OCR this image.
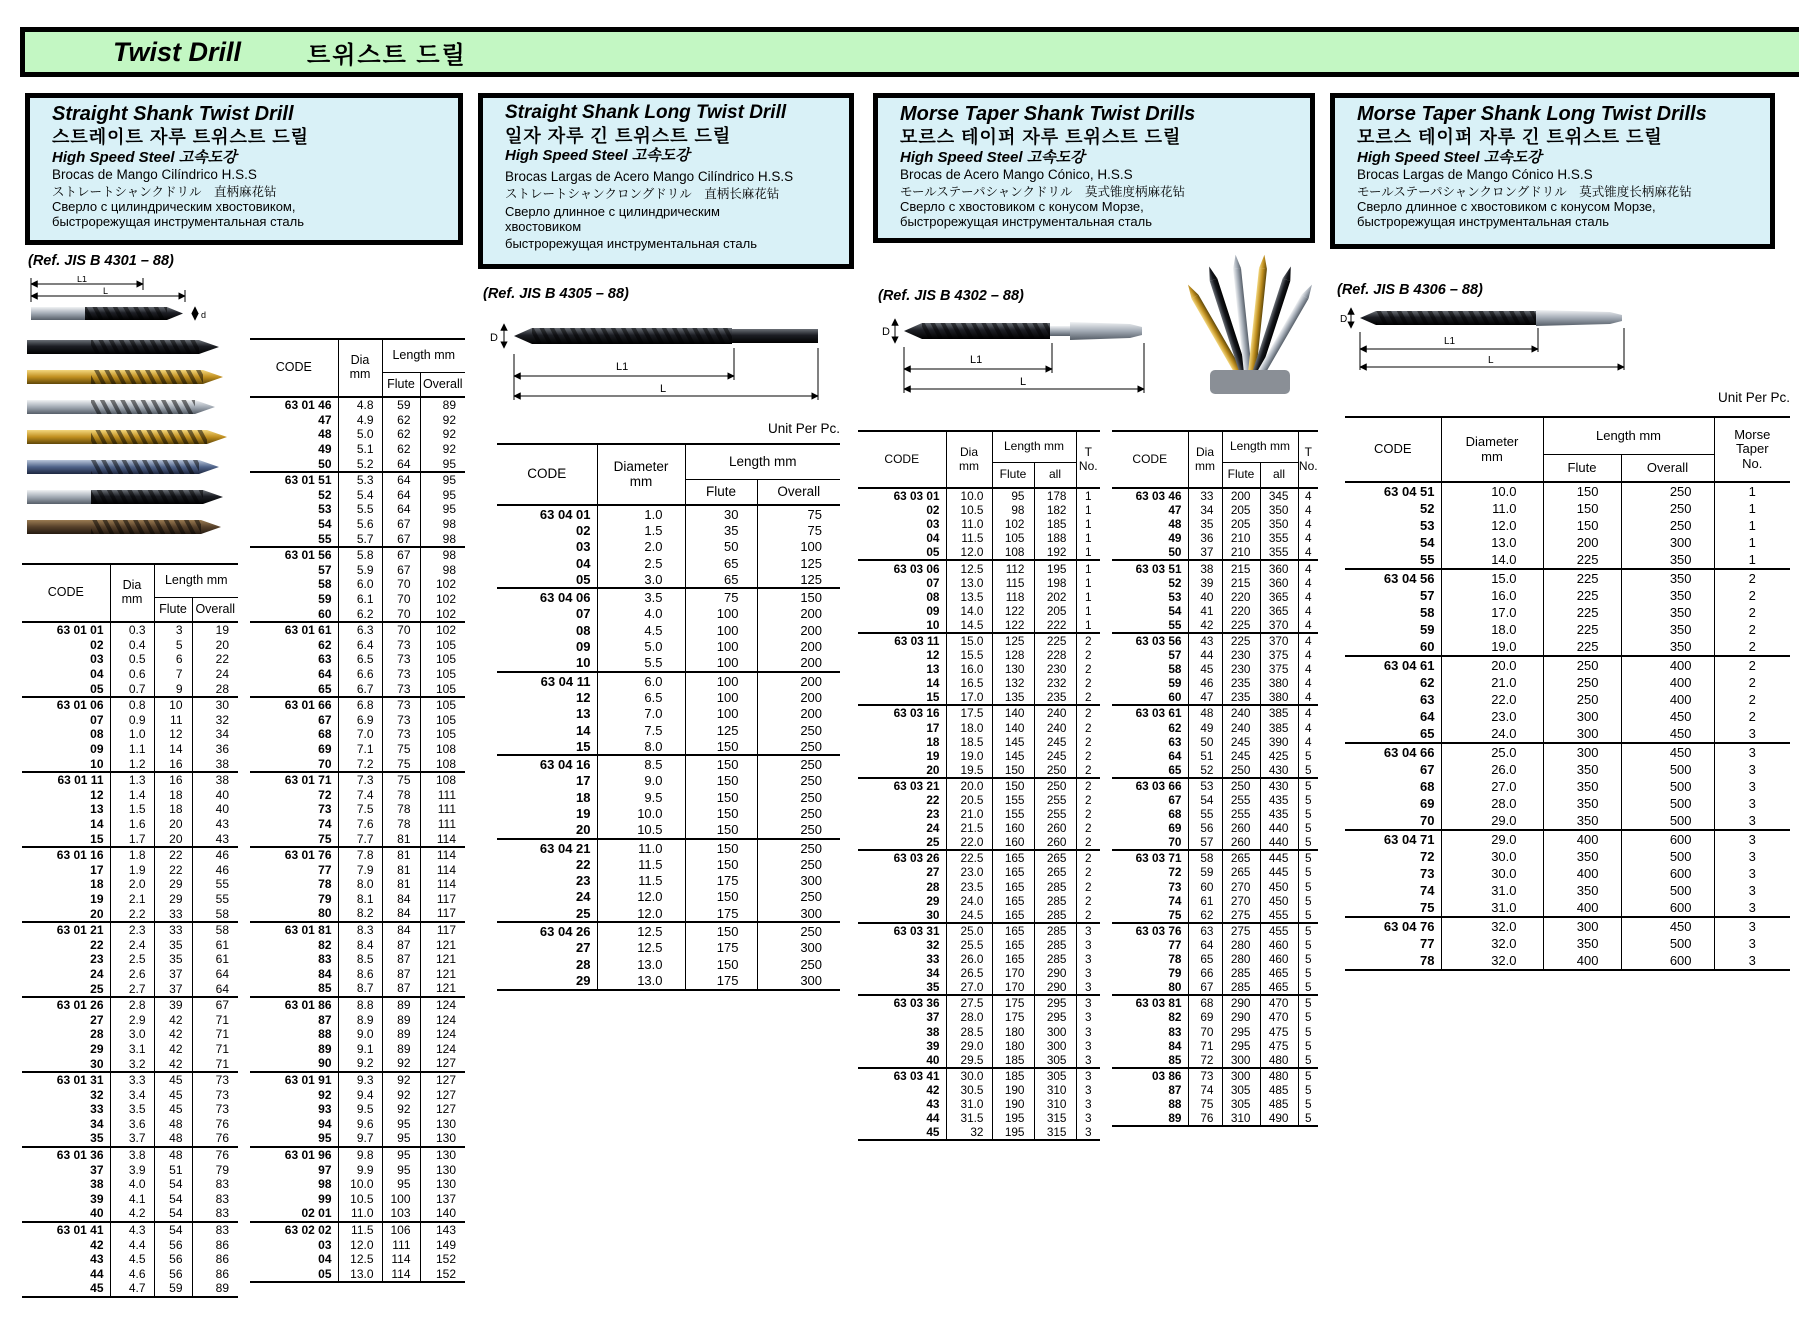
Twist Drill	트위스트 드릴
Straight Shank Twist Drill
스트레이트 자루 트위스트 드릴
High Speed Steel 고속도강
Brocas de Mango Cilíndrico H.S.S
ストレートシャンクドリル　直柄麻花钻
Сверло с цилиндрическим хвостовиком,
быстрорежущая инструментальная сталь
(Ref. JIS B 4301 – 88)
L1
L
d
CODE	Dia
mm	Length mm	
		Flute	Overall
63 01 01	0.3	3	19
02	0.4	5	20
03	0.5	6	22
04	0.6	7	24
05	0.7	9	28
63 01 06	0.8	10	30
07	0.9	11	32
08	1.0	12	34
09	1.1	14	36
10	1.2	16	38
63 01 11	1.3	16	38
12	1.4	18	40
13	1.5	18	40
14	1.6	20	43
15	1.7	20	43
63 01 16	1.8	22	46
17	1.9	22	46
18	2.0	29	55
19	2.1	29	55
20	2.2	33	58
63 01 21	2.3	33	58
22	2.4	35	61
23	2.5	35	61
24	2.6	37	64
25	2.7	37	64
63 01 26	2.8	39	67
27	2.9	42	71
28	3.0	42	71
29	3.1	42	71
30	3.2	42	71
63 01 31	3.3	45	73
32	3.4	45	73
33	3.5	45	73
34	3.6	48	76
35	3.7	48	76
63 01 36	3.8	48	76
37	3.9	51	79
38	4.0	54	83
39	4.1	54	83
40	4.2	54	83
63 01 41	4.3	54	83
42	4.4	56	86
43	4.5	56	86
44	4.6	56	86
45	4.7	59	89
CODE	Dia
mm	Length mm	
		Flute	Overall
63 01 46	4.8	59	89
47	4.9	62	92
48	5.0	62	92
49	5.1	62	92
50	5.2	64	95
63 01 51	5.3	64	95
52	5.4	64	95
53	5.5	64	95
54	5.6	67	98
55	5.7	67	98
63 01 56	5.8	67	98
57	5.9	67	98
58	6.0	70	102
59	6.1	70	102
60	6.2	70	102
63 01 61	6.3	70	102
62	6.4	73	105
63	6.5	73	105
64	6.6	73	105
65	6.7	73	105
63 01 66	6.8	73	105
67	6.9	73	105
68	7.0	73	105
69	7.1	75	108
70	7.2	75	108
63 01 71	7.3	75	108
72	7.4	78	111
73	7.5	78	111
74	7.6	78	111
75	7.7	81	114
63 01 76	7.8	81	114
77	7.9	81	114
78	8.0	81	114
79	8.1	84	117
80	8.2	84	117
63 01 81	8.3	84	117
82	8.4	87	121
83	8.5	87	121
84	8.6	87	121
85	8.7	87	121
63 01 86	8.8	89	124
87	8.9	89	124
88	9.0	89	124
89	9.1	89	124
90	9.2	92	127
63 01 91	9.3	92	127
92	9.4	92	127
93	9.5	92	127
94	9.6	95	130
95	9.7	95	130
63 01 96	9.8	95	130
97	9.9	95	130
98	10.0	95	130
99	10.5	100	137
02 01	11.0	103	140
63 02 02	11.5	106	143
03	12.0	111	149
04	12.5	114	152
05	13.0	114	152
Straight Shank Long Twist Drill
일자 자루 긴 트위스트 드릴
High Speed Steel 고속도강
Brocas Largas de Acero Mango Cilíndrico H.S.S
ストレートシャンクロングドリル　直柄长麻花钻
Сверло длинное с цилиндрическим
хвостовиком
быстрорежущая инструментальная сталь
(Ref. JIS B 4305 – 88)
D
L1
L
Unit Per Pc.
CODE	Diameter
mm	Length mm	
		Flute	Overall
63 04 01	1.0	30	75
02	1.5	35	75
03	2.0	50	100
04	2.5	65	125
05	3.0	65	125
63 04 06	3.5	75	150
07	4.0	100	200
08	4.5	100	200
09	5.0	100	200
10	5.5	100	200
63 04 11	6.0	100	200
12	6.5	100	200
13	7.0	100	200
14	7.5	125	250
15	8.0	150	250
63 04 16	8.5	150	250
17	9.0	150	250
18	9.5	150	250
19	10.0	150	250
20	10.5	150	250
63 04 21	11.0	150	250
22	11.5	150	250
23	11.5	175	300
24	12.0	150	250
25	12.0	175	300
63 04 26	12.5	150	250
27	12.5	175	300
28	13.0	150	250
29	13.0	175	300
Morse Taper Shank Twist Drills
모르스 테이퍼 자루 트위스트 드릴
High Speed Steel 고속도강
Brocas de Acero Mango Cónico, H.S.S
モールステーパシャンクドリル　莫式锥度柄麻花钻
Сверло с хвостовиком с конусом Морзе,
быстрорежущая инструментальная сталь
(Ref. JIS B 4302 – 88)
D
L1
L
CODE	Dia
mm
	Length mm	T
No.

		Flute	all	
63 03 01	10.0	95	178	1
02	10.5	98	182	1
03	11.0	102	185	1
04	11.5	105	188	1
05	12.0	108	192	1
63 03 06	12.5	112	195	1
07	13.0	115	198	1
08	13.5	118	202	1
09	14.0	122	205	1
10	14.5	122	222	1
63 03 11	15.0	125	225	2
12	15.5	128	228	2
13	16.0	130	230	2
14	16.5	132	232	2
15	17.0	135	235	2
63 03 16	17.5	140	240	2
17	18.0	140	240	2
18	18.5	145	245	2
19	19.0	145	245	2
20	19.5	150	250	2
63 03 21	20.0	150	250	2
22	20.5	155	255	2
23	21.0	155	255	2
24	21.5	160	260	2
25	22.0	160	260	2
63 03 26	22.5	165	265	2
27	23.0	165	265	2
28	23.5	165	285	2
29	24.0	165	285	2
30	24.5	165	285	2
63 03 31	25.0	165	285	3
32	25.5	165	285	3
33	26.0	165	285	3
34	26.5	170	290	3
35	27.0	170	290	3
63 03 36	27.5	175	295	3
37	28.0	175	295	3
38	28.5	180	300	3
39	29.0	180	300	3
40	29.5	185	305	3
63 03 41	30.0	185	305	3
42	30.5	190	310	3
43	31.0	190	310	3
44	31.5	195	315	3
45	32	195	315	3
CODE	Dia
mm
	Length mm	T
No.

		Flute	all	
63 03 46	33	200	345	4
47	34	205	350	4
48	35	205	350	4
49	36	210	355	4
50	37	210	355	4
63 03 51	38	215	360	4
52	39	215	360	4
53	40	220	365	4
54	41	220	365	4
55	42	225	370	4
63 03 56	43	225	370	4
57	44	230	375	4
58	45	230	375	4
59	46	235	380	4
60	47	235	380	4
63 03 61	48	240	385	4
62	49	240	385	4
63	50	245	390	4
64	51	245	425	5
65	52	250	430	5
63 03 66	53	250	430	5
67	54	255	435	5
68	55	255	435	5
69	56	260	440	5
70	57	260	440	5
63 03 71	58	265	445	5
72	59	265	445	5
73	60	270	450	5
74	61	270	450	5
75	62	275	455	5
63 03 76	63	275	455	5
77	64	280	460	5
78	65	280	460	5
79	66	285	465	5
80	67	285	465	5
63 03 81	68	290	470	5
82	69	290	470	5
83	70	295	475	5
84	71	295	475	5
85	72	300	480	5
03 86	73	300	480	5
87	74	305	485	5
88	75	305	485	5
89	76	310	490	5
Morse Taper Shank Long Twist Drills
모르스 테이퍼 자루 긴 트위스트 드릴
High Speed Steel 고속도강
Brocas Largas de Mango Cónico H.S.S
モールステーパシャンクロングドリル　莫式锥度长柄麻花钻
Сверло длинное с хвостовиком с конусом Морзе,
быстрорежущая инструментальная сталь
(Ref. JIS B 4306 – 88)
D
L1
L
Unit Per Pc.
CODE	Diameter
mm
	Length mm	Morse
Taper
No.

		Flute	Overall	
63 04 51	10.0	150	250	1
52	11.0	150	250	1
53	12.0	150	250	1
54	13.0	200	300	1
55	14.0	225	350	1
63 04 56	15.0	225	350	2
57	16.0	225	350	2
58	17.0	225	350	2
59	18.0	225	350	2
60	19.0	225	350	2
63 04 61	20.0	250	400	2
62	21.0	250	400	2
63	22.0	250	400	2
64	23.0	300	450	2
65	24.0	300	450	3
63 04 66	25.0	300	450	3
67	26.0	350	500	3
68	27.0	350	500	3
69	28.0	350	500	3
70	29.0	350	500	3
63 04 71	29.0	400	600	3
72	30.0	350	500	3
73	30.0	400	600	3
74	31.0	350	500	3
75	31.0	400	600	3
63 04 76	32.0	300	450	3
77	32.0	350	500	3
78	32.0	400	600	3
